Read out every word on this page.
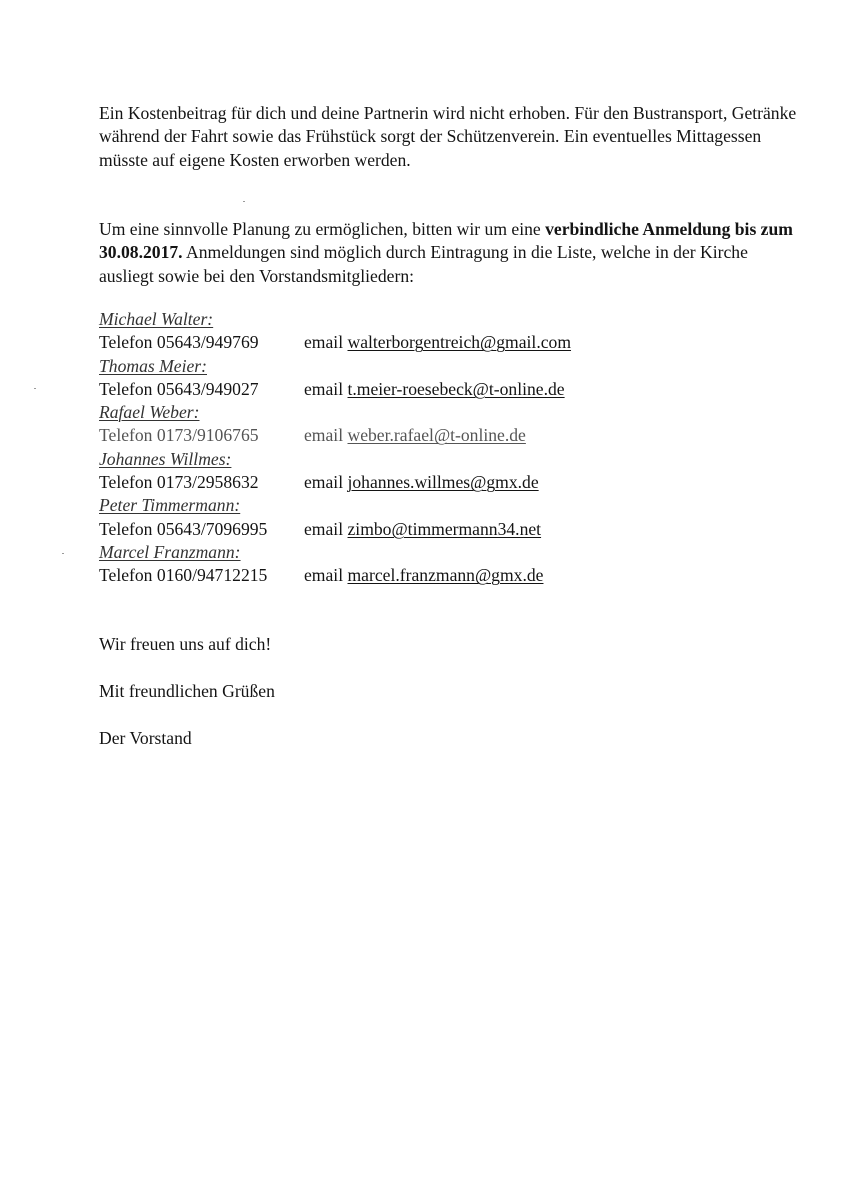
Ein Kostenbeitrag für dich und deine Partnerin wird nicht erhoben. Für den Bustransport, Getränke während der Fahrt sowie das Frühstück sorgt der Schützenverein. Ein eventuelles Mittagessen müsste auf eigene Kosten erworben werden.

Um eine sinnvolle Planung zu ermöglichen, bitten wir um eine verbindliche Anmeldung bis zum 30.08.2017. Anmeldungen sind möglich durch Eintragung in die Liste, welche in der Kirche ausliegt sowie bei den Vorstandsmitgliedern:

Michael Walter:
Telefon 05643/949769	email walterborgentreich@gmail.com
Thomas Meier:
Telefon 05643/949027	email t.meier-roesebeck@t-online.de
Rafael Weber:
Telefon 0173/9106765	email weber.rafael@t-online.de
Johannes Willmes:
Telefon 0173/2958632	email johannes.willmes@gmx.de
Peter Timmermann:
Telefon 05643/7096995 email zimbo@timmermann34.net
Marcel Franzmann:
Telefon 0160/94712215 email marcel.franzmann@gmx.de

Wir freuen uns auf dich!

Mit freundlichen Grüßen

Der Vorstand
